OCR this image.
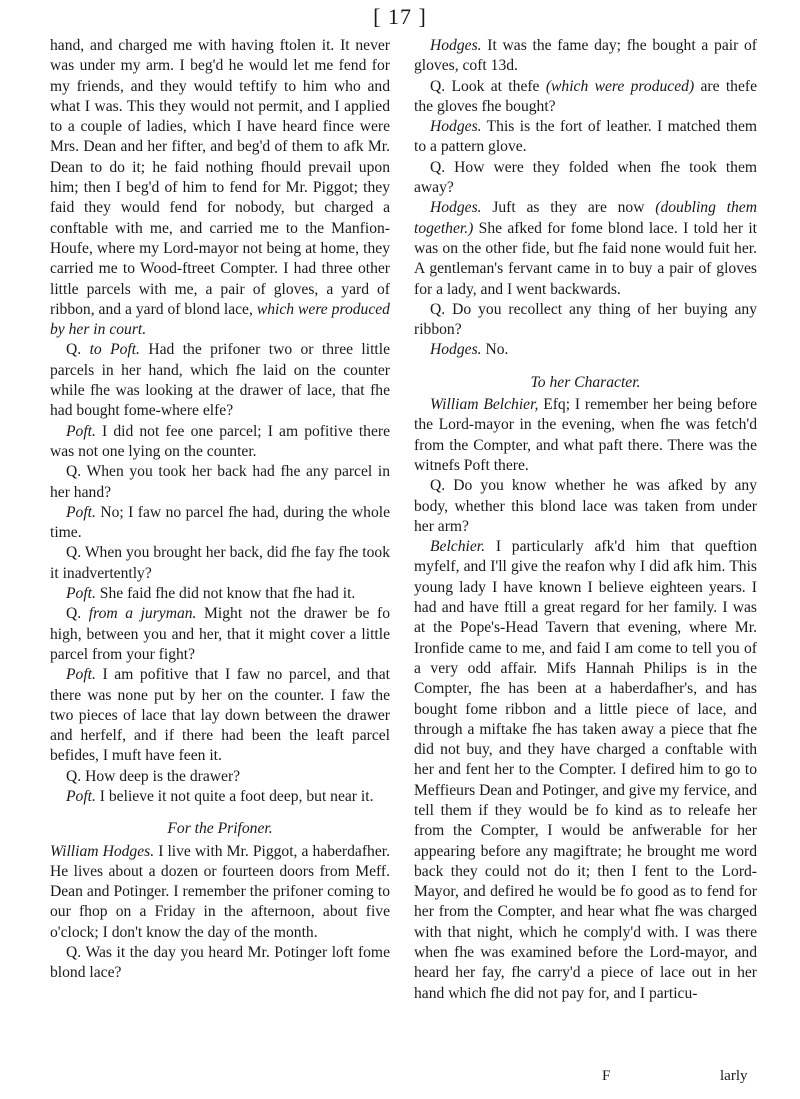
[ 17 ]

hand, and charged me with having ftolen it. It never was under my arm. I beg'd he would let me fend for my friends, and they would teftify to him who and what I was. This they would not permit, and I applied to a couple of ladies, which I have heard fince were Mrs. Dean and her fifter, and beg'd of them to afk Mr. Dean to do it; he faid nothing fhould prevail upon him; then I beg'd of him to fend for Mr. Piggot; they faid they would fend for nobody, but charged a conftable with me, and carried me to the Manfion-Houfe, where my Lord-mayor not being at home, they carried me to Wood-ftreet Compter. I had three other little parcels with me, a pair of gloves, a yard of ribbon, and a yard of blond lace, which were produced by her in court.

Q. to Poft. Had the prifoner two or three little parcels in her hand, which fhe laid on the counter while fhe was looking at the drawer of lace, that fhe had bought fome-where elfe?

Poft. I did not fee one parcel; I am pofitive there was not one lying on the counter.

Q. When you took her back had fhe any parcel in her hand?

Poft. No; I faw no parcel fhe had, during the whole time.

Q. When you brought her back, did fhe fay fhe took it inadvertently?

Poft. She faid fhe did not know that fhe had it.

Q. from a juryman. Might not the drawer be fo high, between you and her, that it might cover a little parcel from your fight?

Poft. I am pofitive that I faw no parcel, and that there was none put by her on the counter. I faw the two pieces of lace that lay down between the drawer and herfelf, and if there had been the leaft parcel befides, I muft have feen it.

Q. How deep is the drawer?

Poft. I believe it not quite a foot deep, but near it.

For the Prifoner.

William Hodges. I live with Mr. Piggot, a haberdafher. He lives about a dozen or fourteen doors from Meff. Dean and Potinger. I remember the prifoner coming to our fhop on a Friday in the afternoon, about five o'clock; I don't know the day of the month.

Q. Was it the day you heard Mr. Potinger loft fome blond lace?

Hodges. It was the fame day; fhe bought a pair of gloves, coft 13d.

Q. Look at thefe (which were produced) are thefe the gloves fhe bought?

Hodges. This is the fort of leather. I matched them to a pattern glove.

Q. How were they folded when fhe took them away?

Hodges. Juft as they are now (doubling them together.) She afked for fome blond lace. I told her it was on the other fide, but fhe faid none would fuit her. A gentleman's fervant came in to buy a pair of gloves for a lady, and I went backwards.

Q. Do you recollect any thing of her buying any ribbon?

Hodges. No.

To her Character.

William Belchier, Efq; I remember her being before the Lord-mayor in the evening, when fhe was fetch'd from the Compter, and what paft there. There was the witnefs Poft there.

Q. Do you know whether he was afked by any body, whether this blond lace was taken from under her arm?

Belchier. I particularly afk'd him that queftion myfelf, and I'll give the reafon why I did afk him. This young lady I have known I believe eighteen years. I had and have ftill a great regard for her family. I was at the Pope's-Head Tavern that evening, where Mr. Ironfide came to me, and faid I am come to tell you of a very odd affair. Mifs Hannah Philips is in the Compter, fhe has been at a haberdafher's, and has bought fome ribbon and a little piece of lace, and through a miftake fhe has taken away a piece that fhe did not buy, and they have charged a conftable with her and fent her to the Compter. I defired him to go to Meffieurs Dean and Potinger, and give my fervice, and tell them if they would be fo kind as to releafe her from the Compter, I would be anfwerable for her appearing before any magiftrate; he brought me word back they could not do it; then I fent to the Lord-Mayor, and defired he would be fo good as to fend for her from the Compter, and hear what fhe was charged with that night, which he comply'd with. I was there when fhe was examined before the Lord-mayor, and heard her fay, fhe carry'd a piece of lace out in her hand which fhe did not pay for, and I particu-

F	larly
